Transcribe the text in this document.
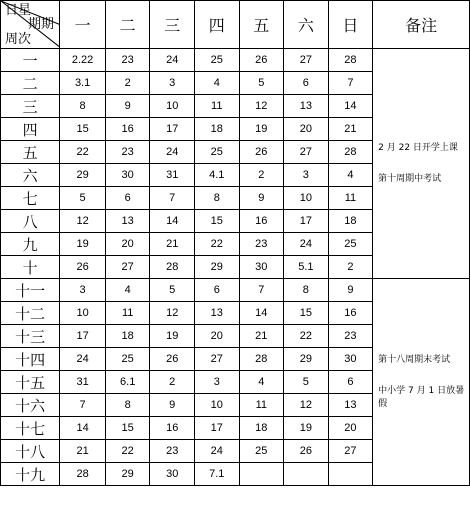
日星
期期
周次	一	二	三	四	五	六	日	备注
一	2.22	23	24	25	26	27	28	2 月 22 日开学上课

第十周期中考试

二	3.1	2	3	4	5	6	7	
三	8	9	10	11	12	13	14	
四	15	16	17	18	19	20	21	
五	22	23	24	25	26	27	28	
六	29	30	31	4.1	2	3	4	
七	5	6	7	8	9	10	11	
八	12	13	14	15	16	17	18	
九	19	20	21	22	23	24	25	
十	26	27	28	29	30	5.1	2	
十一	3	4	5	6	7	8	9	第十八周期末考试

中小学 7 月 1 日放暑假

十二	10	11	12	13	14	15	16	
十三	17	18	19	20	21	22	23	
十四	24	25	26	27	28	29	30	
十五	31	6.1	2	3	4	5	6	
十六	7	8	9	10	11	12	13	
十七	14	15	16	17	18	19	20	
十八	21	22	23	24	25	26	27	
十九	28	29	30	7.1				
